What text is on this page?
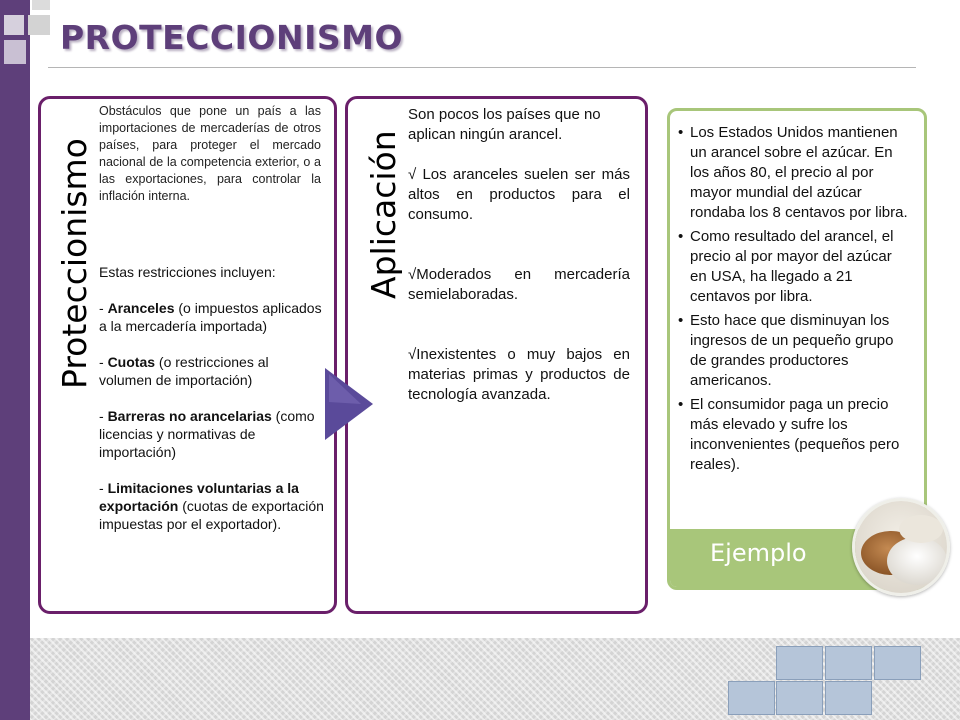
PROTECCIONISMO
Proteccionismo

Obstáculos que pone un país a las importaciones de mercaderías de otros países, para proteger el mercado nacional de la competencia exterior, o a las exportaciones, para controlar la inflación interna.

Estas restricciones incluyen:

- Aranceles (o impuestos aplicados a la mercadería importada)

- Cuotas (o restricciones al volumen de importación)

- Barreras no arancelarias (como licencias y normativas de importación)

- Limitaciones voluntarias a la exportación (cuotas de exportación impuestas por el exportador).

Aplicación

Son pocos los países que no aplican ningún arancel.

√ Los aranceles suelen ser más altos en productos para el consumo.

√Moderados en mercadería semielaboradas.

√Inexistentes o muy bajos en materias primas y productos de tecnología avanzada.

• Los Estados Unidos mantienen un arancel sobre el azúcar. En los años 80, el precio al por mayor mundial del azúcar rondaba los 8 centavos por libra.
• Como resultado del arancel, el precio al por mayor del azúcar en USA, ha llegado a 21 centavos por libra.
• Esto hace que disminuyan los ingresos de un pequeño grupo de grandes productores americanos.
• El consumidor paga un precio más elevado y sufre los inconvenientes (pequeños pero reales).
Ejemplo
